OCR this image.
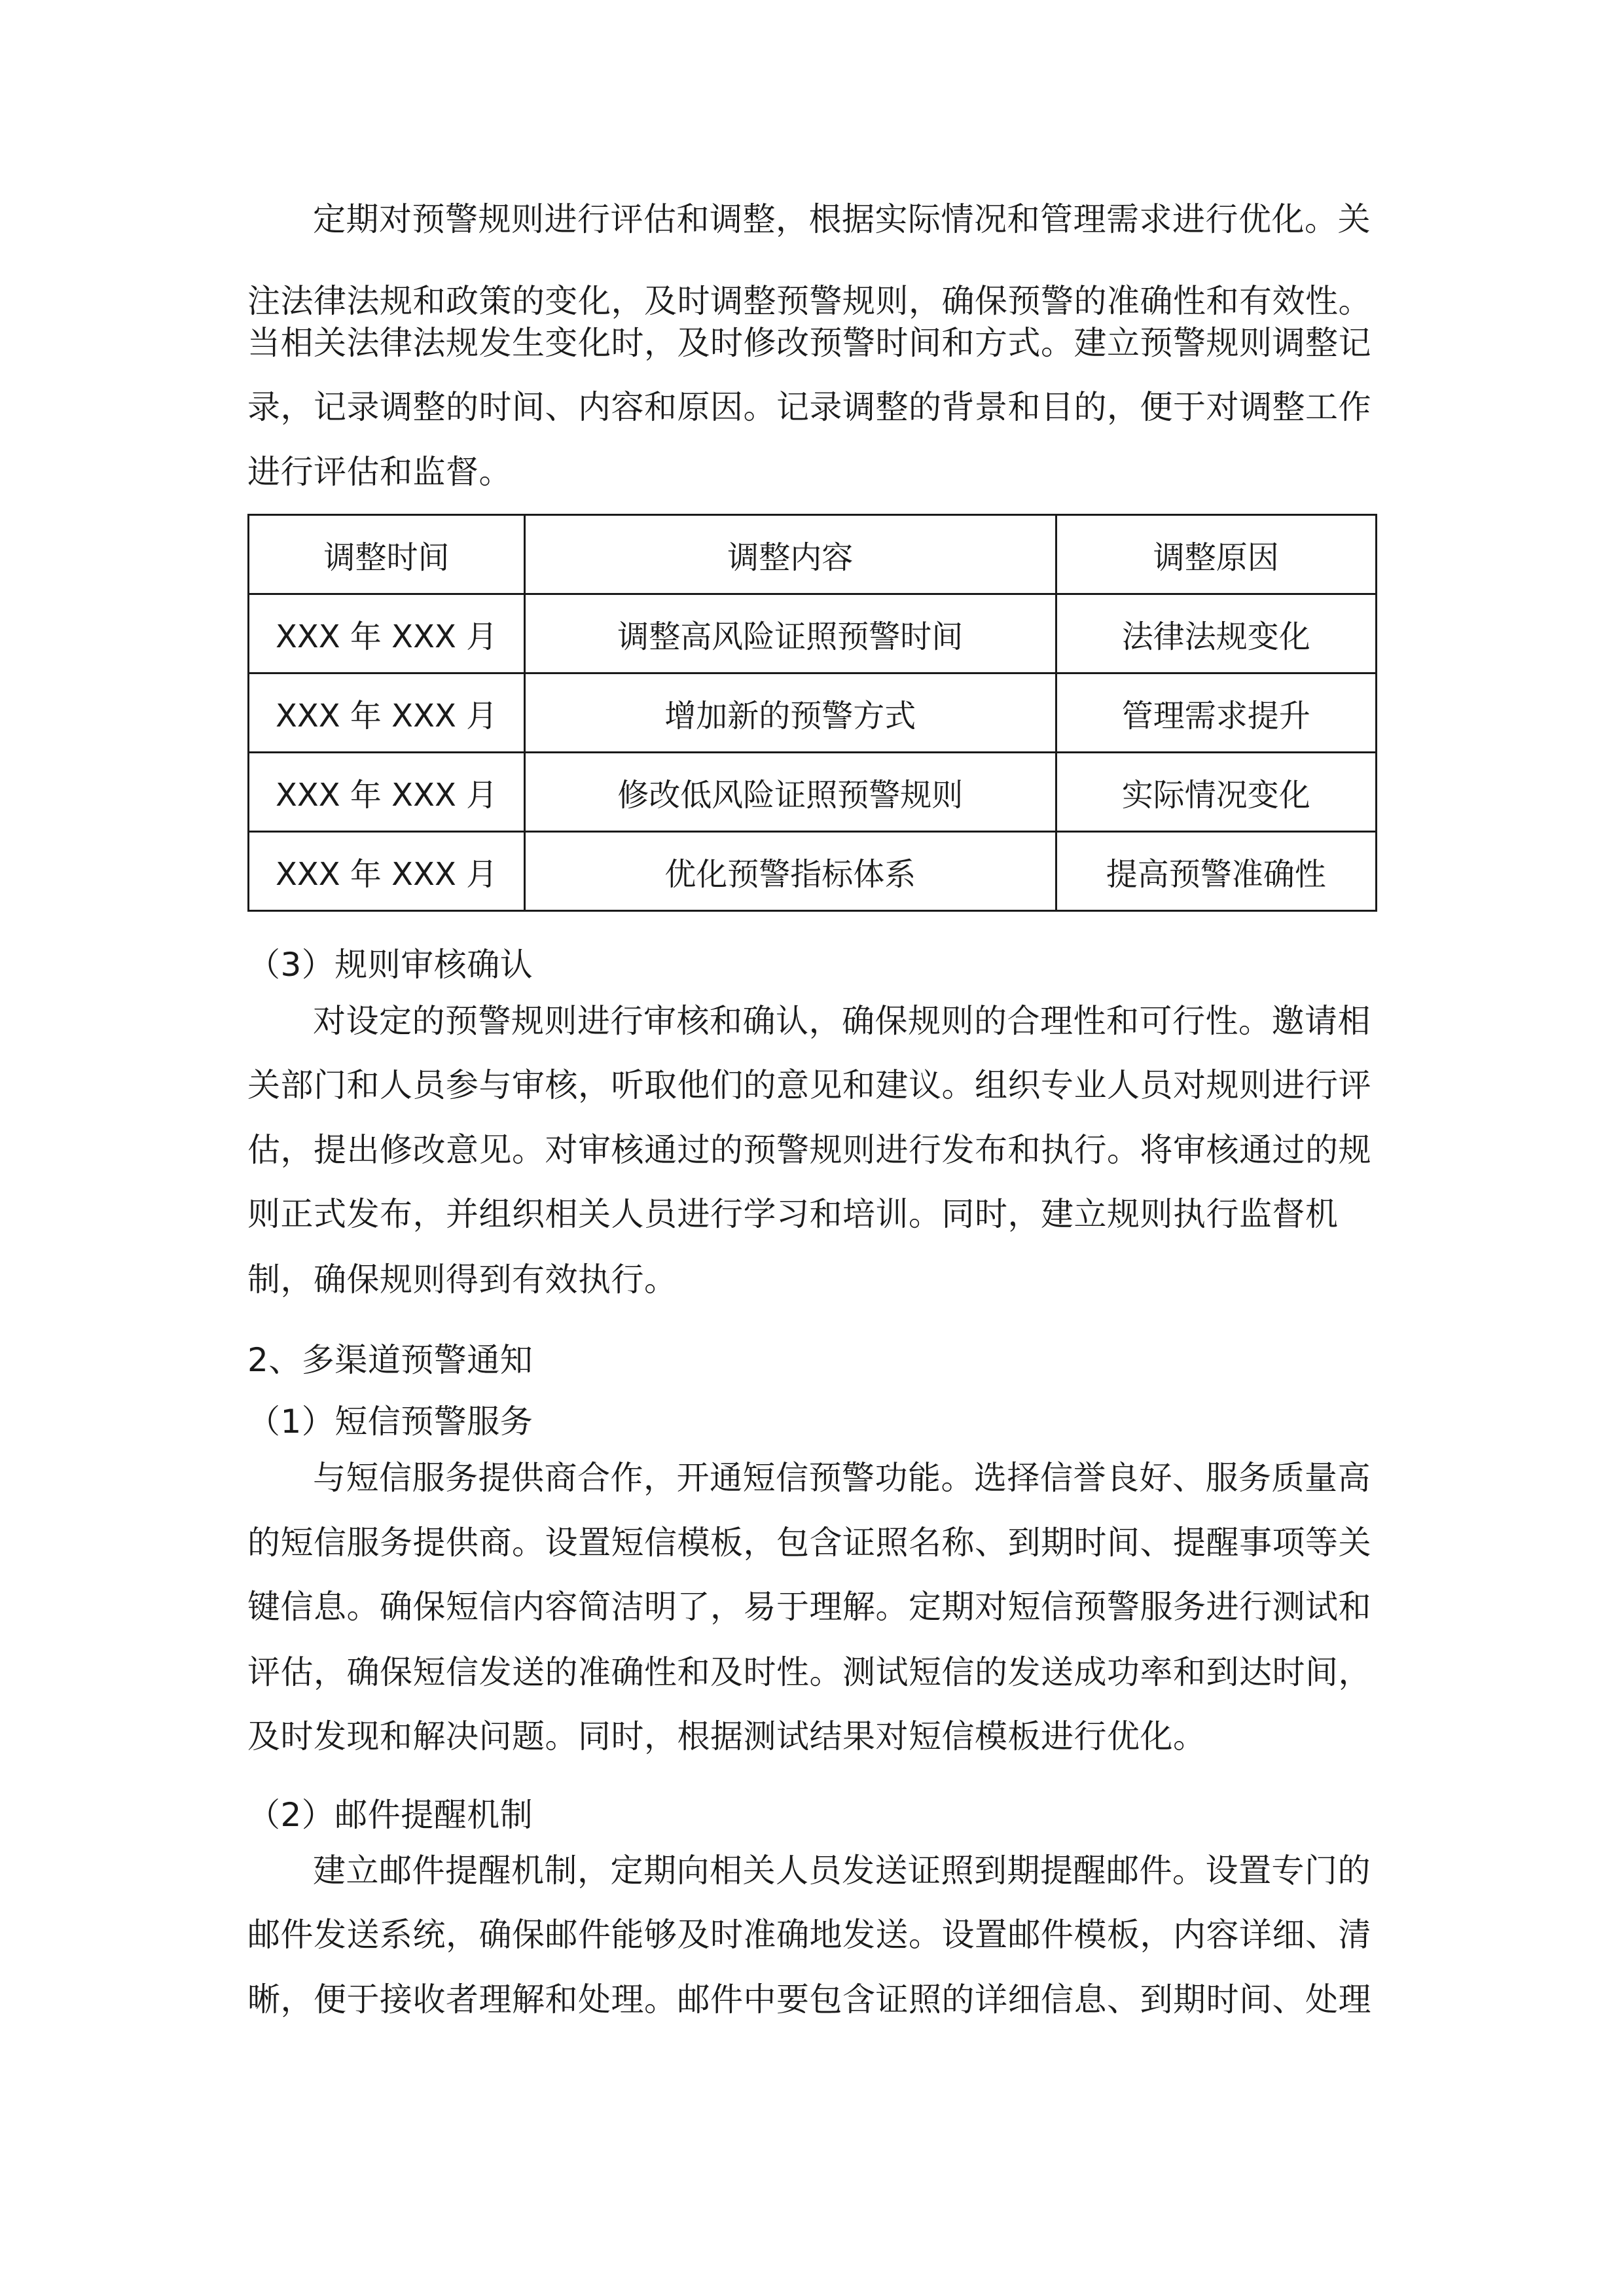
定期对预警规则进行评估和调整，根据实际情况和管理需求进行优化。关
注法律法规和政策的变化，及时调整预警规则，确保预警的准确性和有效性。
当相关法律法规发生变化时，及时修改预警时间和方式。建立预警规则调整记
录，记录调整的时间、内容和原因。记录调整的背景和目的，便于对调整工作
进行评估和监督。
调整时间	调整内容	调整原因
XXX 年 XXX 月	调整高风险证照预警时间	法律法规变化
XXX 年 XXX 月	增加新的预警方式	管理需求提升
XXX 年 XXX 月	修改低风险证照预警规则	实际情况变化
XXX 年 XXX 月	优化预警指标体系	提高预警准确性
（3）规则审核确认
对设定的预警规则进行审核和确认，确保规则的合理性和可行性。邀请相
关部门和人员参与审核，听取他们的意见和建议。组织专业人员对规则进行评
估，提出修改意见。对审核通过的预警规则进行发布和执行。将审核通过的规
则正式发布，并组织相关人员进行学习和培训。同时，建立规则执行监督机
制，确保规则得到有效执行。
2、多渠道预警通知
（1）短信预警服务
与短信服务提供商合作，开通短信预警功能。选择信誉良好、服务质量高
的短信服务提供商。设置短信模板，包含证照名称、到期时间、提醒事项等关
键信息。确保短信内容简洁明了，易于理解。定期对短信预警服务进行测试和
评估，确保短信发送的准确性和及时性。测试短信的发送成功率和到达时间，
及时发现和解决问题。同时，根据测试结果对短信模板进行优化。
（2）邮件提醒机制
建立邮件提醒机制，定期向相关人员发送证照到期提醒邮件。设置专门的
邮件发送系统，确保邮件能够及时准确地发送。设置邮件模板，内容详细、清
晰，便于接收者理解和处理。邮件中要包含证照的详细信息、到期时间、处理
